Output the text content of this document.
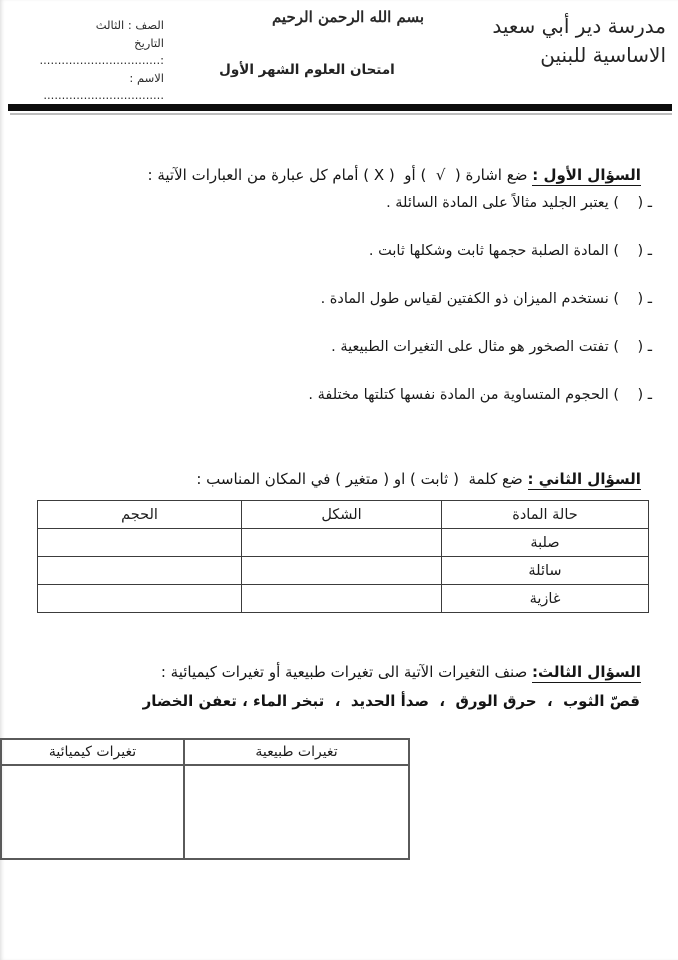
مدرسة دير أبي سعيد
الاساسية للبنين
بسم الله الرحمن الرحيم
امتحان العلوم الشهر الأول
الصف : الثالث
التاريخ :.................................
الاسم : .................................

السؤال الأول : ضع اشارة (  √  ) أو  ( X ) أمام كل عبارة من العبارات الآتية :

ـ (    ) يعتبر الجليد مثالاً على المادة السائلة .
ـ (    ) المادة الصلبة حجمها ثابت وشكلها ثابت .
ـ (    ) نستخدم الميزان ذو الكفتين لقياس طول المادة .
ـ (    ) تفتت الصخور هو مثال على التغيرات الطبيعية .
ـ (    ) الحجوم المتساوية من المادة نفسها كتلتها مختلفة .

السؤال الثاني : ضع كلمة  ( ثابت ) او ( متغير ) في المكان المناسب :

حالة المادة	الشكل	الحجم
صلبة		
سائلة		
غازية		

السؤال الثالث: صنف التغيرات الآتية الى تغيرات طبيعية أو تغيرات كيميائية :

قصّ الثوب  ،  حرق الورق  ،  صدأ الحديد  ،  تبخر الماء ، تعفن الخضار
تغيرات طبيعية	تغيرات كيميائية
